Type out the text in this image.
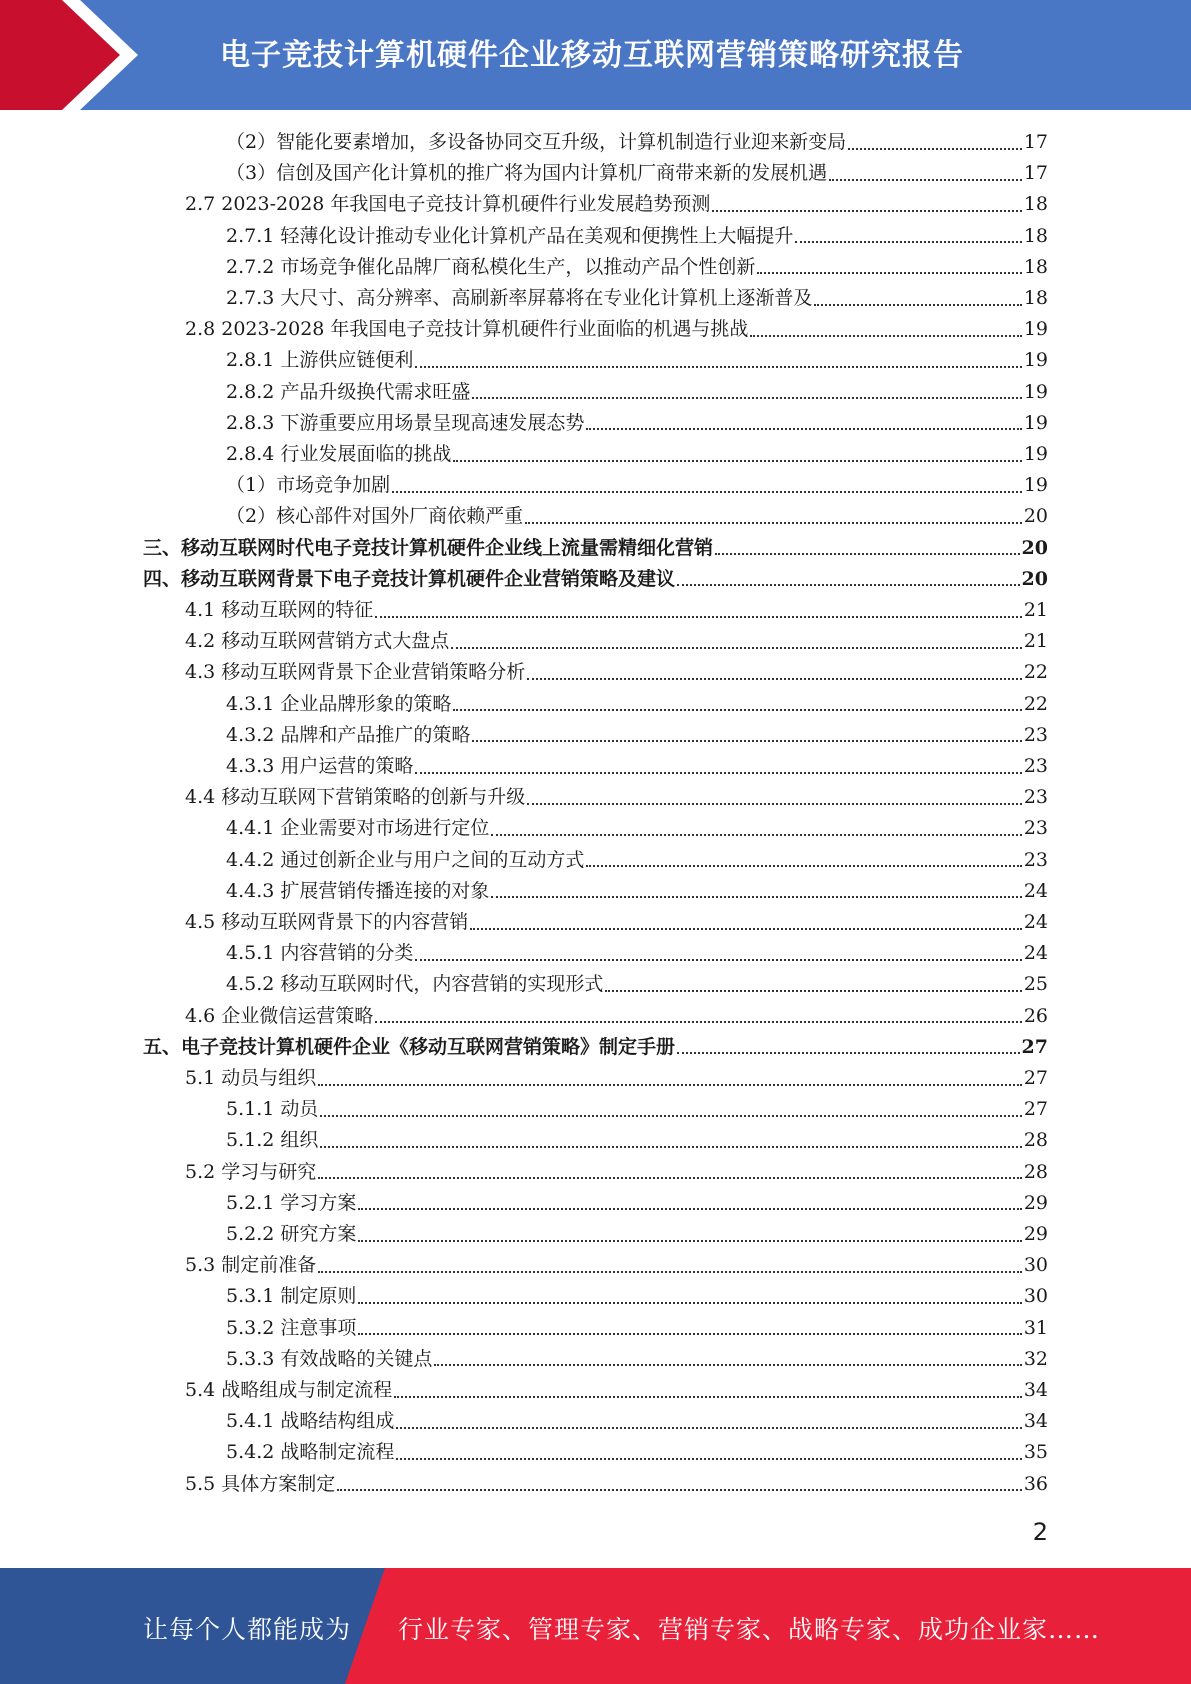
电子竞技计算机硬件企业移动互联网营销策略研究报告
（2）智能化要素增加，多设备协同交互升级，计算机制造行业迎来新变局	17
（3）信创及国产化计算机的推广将为国内计算机厂商带来新的发展机遇	17
2.7 2023-2028 年我国电子竞技计算机硬件行业发展趋势预测	18
2.7.1 轻薄化设计推动专业化计算机产品在美观和便携性上大幅提升	18
2.7.2 市场竞争催化品牌厂商私模化生产，以推动产品个性创新	18
2.7.3 大尺寸、高分辨率、高刷新率屏幕将在专业化计算机上逐渐普及	18
2.8 2023-2028 年我国电子竞技计算机硬件行业面临的机遇与挑战	19
2.8.1 上游供应链便利	19
2.8.2 产品升级换代需求旺盛	19
2.8.3 下游重要应用场景呈现高速发展态势	19
2.8.4 行业发展面临的挑战	19
（1）市场竞争加剧	19
（2）核心部件对国外厂商依赖严重	20
三、移动互联网时代电子竞技计算机硬件企业线上流量需精细化营销	20
四、移动互联网背景下电子竞技计算机硬件企业营销策略及建议	20
4.1 移动互联网的特征	21
4.2 移动互联网营销方式大盘点	21
4.3 移动互联网背景下企业营销策略分析	22
4.3.1 企业品牌形象的策略	22
4.3.2 品牌和产品推广的策略	23
4.3.3 用户运营的策略	23
4.4 移动互联网下营销策略的创新与升级	23
4.4.1 企业需要对市场进行定位	23
4.4.2 通过创新企业与用户之间的互动方式	23
4.4.3 扩展营销传播连接的对象	24
4.5 移动互联网背景下的内容营销	24
4.5.1 内容营销的分类	24
4.5.2 移动互联网时代，内容营销的实现形式	25
4.6 企业微信运营策略	26
五、电子竞技计算机硬件企业《移动互联网营销策略》制定手册	27
5.1 动员与组织	27
5.1.1 动员	27
5.1.2 组织	28
5.2 学习与研究	28
5.2.1 学习方案	29
5.2.2 研究方案	29
5.3 制定前准备	30
5.3.1 制定原则	30
5.3.2 注意事项	31
5.3.3 有效战略的关键点	32
5.4 战略组成与制定流程	34
5.4.1 战略结构组成	34
5.4.2 战略制定流程	35
5.5 具体方案制定	36
2
让每个人都能成为 行业专家、管理专家、营销专家、战略专家、成功企业家……
